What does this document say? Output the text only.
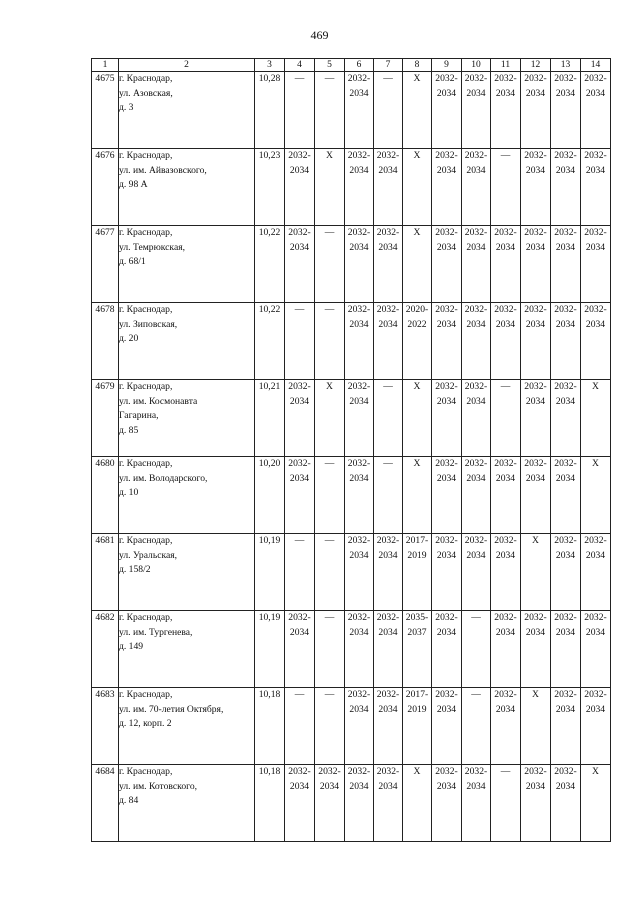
469
1	2	3	4	5	6	7	8	9	10	11	12	13	14
4675	г. Краснодар,
ул. Азовская,
д. 3	10,28	—	—	2032-
2034	—	X	2032-
2034	2032-
2034	2032-
2034	2032-
2034	2032-
2034	2032-
2034

4676	г. Краснодар,
ул. им. Айвазовского,
д. 98 А	10,23	2032-
2034	X	2032-
2034	2032-
2034	X	2032-
2034	2032-
2034	—	2032-
2034	2032-
2034	2032-
2034

4677	г. Краснодар,
ул. Темрюкская,
д. 68/1	10,22	2032-
2034	—	2032-
2034	2032-
2034	X	2032-
2034	2032-
2034	2032-
2034	2032-
2034	2032-
2034	2032-
2034

4678	г. Краснодар,
ул. Зиповская,
д. 20	10,22	—	—	2032-
2034	2032-
2034	2020-
2022	2032-
2034	2032-
2034	2032-
2034	2032-
2034	2032-
2034	2032-
2034

4679	г. Краснодар,
ул. им. Космонавта
Гагарина,
д. 85	10,21	2032-
2034	X	2032-
2034	—	X	2032-
2034	2032-
2034	—	2032-
2034	2032-
2034	X

4680	г. Краснодар,
ул. им. Володарского,
д. 10	10,20	2032-
2034	—	2032-
2034	—	X	2032-
2034	2032-
2034	2032-
2034	2032-
2034	2032-
2034	X

4681	г. Краснодар,
ул. Уральская,
д. 158/2	10,19	—	—	2032-
2034	2032-
2034	2017-
2019	2032-
2034	2032-
2034	2032-
2034	X	2032-
2034	2032-
2034

4682	г. Краснодар,
ул. им. Тургенева,
д. 149	10,19	2032-
2034	—	2032-
2034	2032-
2034	2035-
2037	2032-
2034	—	2032-
2034	2032-
2034	2032-
2034	2032-
2034

4683	г. Краснодар,
ул. им. 70-летия Октября,
д. 12, корп. 2	10,18	—	—	2032-
2034	2032-
2034	2017-
2019	2032-
2034	—	2032-
2034	X	2032-
2034	2032-
2034

4684	г. Краснодар,
ул. им. Котовского,
д. 84	10,18	2032-
2034	2032-
2034	2032-
2034	2032-
2034	X	2032-
2034	2032-
2034	—	2032-
2034	2032-
2034	X
